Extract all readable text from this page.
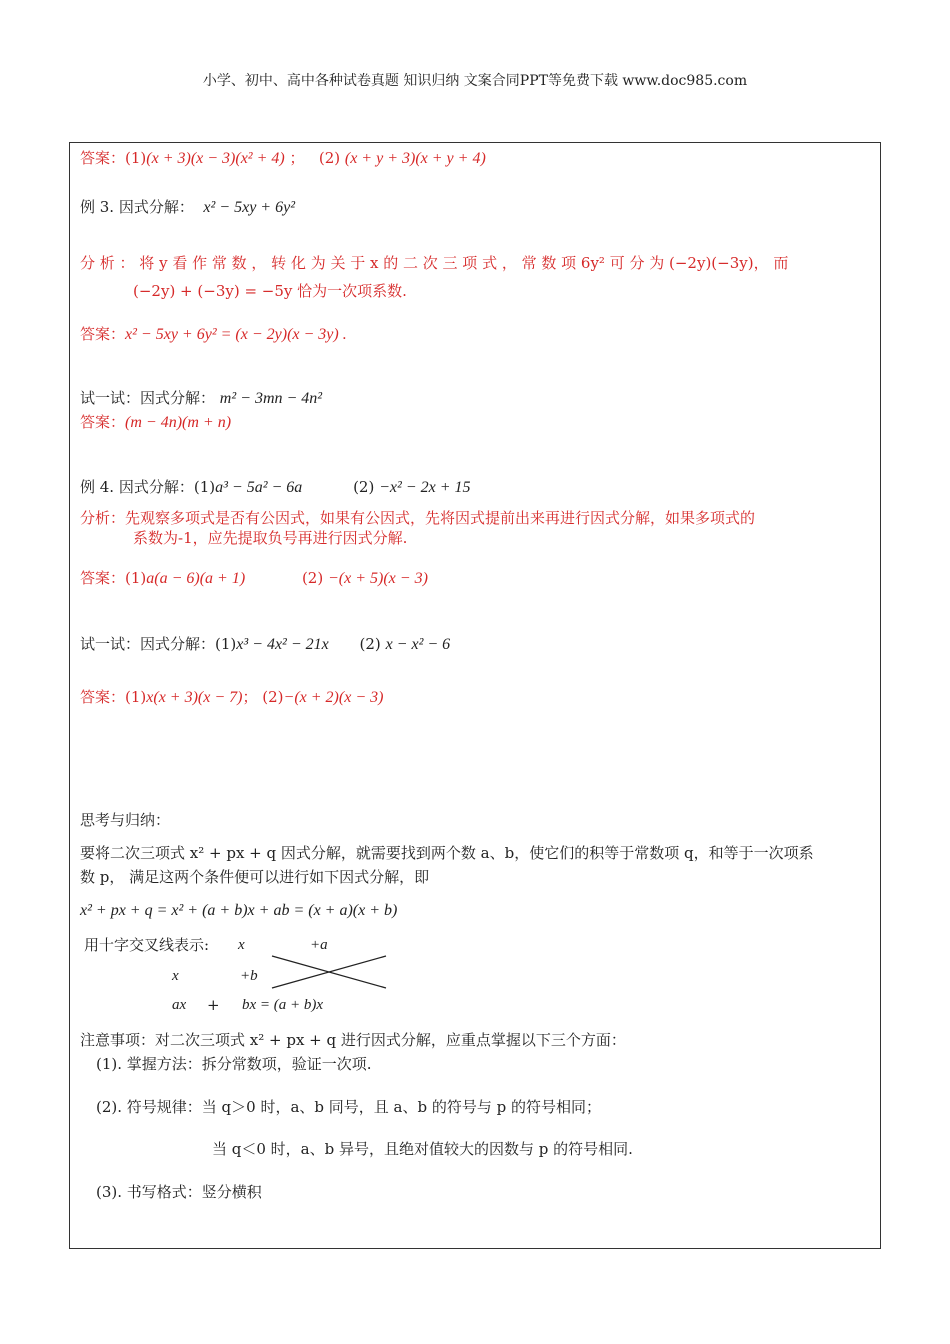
小学、初中、高中各种试卷真题 知识归纳 文案合同PPT等免费下载 www.doc985.com
答案：(1)(x + 3)(x − 3)(x² + 4) ； (2) (x + y + 3)(x + y + 4)
例 3. 因式分解： x² − 5xy + 6y²
分 析 ： 将 y 看 作 常 数 ， 转 化 为 关 于 x 的 二 次 三 项 式 ， 常 数 项 6y² 可 分 为 (−2y)(−3y)， 而
(−2y) + (−3y) = −5y 恰为一次项系数.
答案：x² − 5xy + 6y² = (x − 2y)(x − 3y) .
试一试：因式分解： m² − 3mn − 4n²
答案：(m − 4n)(m + n)
例 4. 因式分解：(1)a³ − 5a² − 6a	(2) −x² − 2x + 15
分析：先观察多项式是否有公因式，如果有公因式，先将因式提前出来再进行因式分解，如果多项式的
系数为-1，应先提取负号再进行因式分解.
答案：(1)a(a − 6)(a + 1)	(2) −(x + 5)(x − 3)
试一试：因式分解：(1)x³ − 4x² − 21x (2) x − x² − 6
答案：(1)x(x + 3)(x − 7)； (2)−(x + 2)(x − 3)
思考与归纳：
要将二次三项式 x² + px + q 因式分解，就需要找到两个数 a、b，使它们的积等于常数项 q，和等于一次项系
数 p， 满足这两个条件便可以进行如下因式分解，即
x² + px + q = x² + (a + b)x + ab = (x + a)(x + b)
用十字交叉线表示: x	+a
x	+b
ax + bx = (a + b)x
注意事项：对二次三项式 x² + px + q 进行因式分解，应重点掌握以下三个方面：
(1). 掌握方法：拆分常数项，验证一次项.
(2). 符号规律：当 q＞0 时，a、b 同号，且 a、b 的符号与 p 的符号相同；
当 q＜0 时，a、b 异号，且绝对值较大的因数与 p 的符号相同.
(3). 书写格式：竖分横积
